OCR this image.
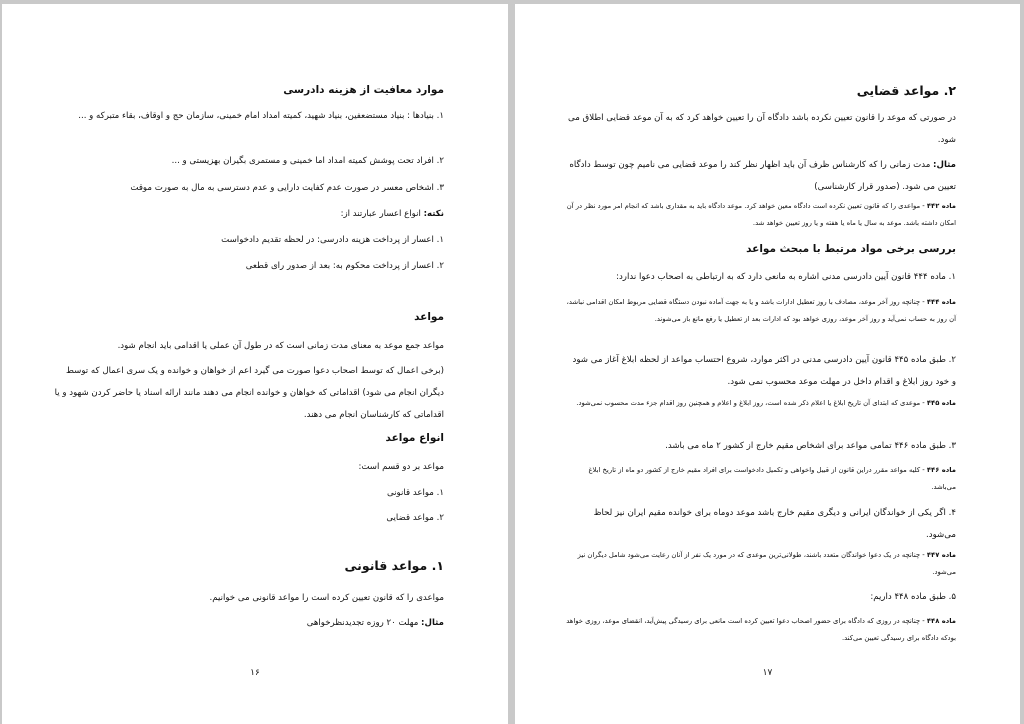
موارد معافیت از هزینه دادرسی
۱. بنیادها : بنیاد مستضعفین، بنیاد شهید، کمیته امداد امام خمینی، سازمان حج و اوقاف، بقاء متبرکه و ...
۲. افراد تحت پوشش کمیته امداد اما خمینی و مستمری بگیران بهزیستی و ...
۳. اشخاص معسر در صورت عدم کفایت دارایی و عدم دسترسی به مال به صورت موقت
نکته: انواع اعسار عبارتند از:
۱. اعسار از پرداخت هزینه دادرسی: در لحظه تقدیم دادخواست
۲. اعسار از پرداخت محکوم به: بعد از صدور رای قطعی
مواعد
مواعد جمع موعد به معنای مدت زمانی است که در طول آن عملی یا اقدامی باید انجام شود.
(برخی اعمال که توسط اصحاب دعوا صورت می گیرد اعم از خواهان و خوانده و یک سری اعمال که توسط دیگران انجام می شود) اقداماتی که خواهان و خوانده انجام می دهند مانند ارائه اسناد یا حاضر کردن شهود و یا اقداماتی که کارشناسان انجام می دهند.
انواع مواعد
مواعد بر دو قسم است:
۱. مواعد قانونی
۲. مواعد قضایی
۱. مواعد قانونی
مواعدی را که قانون تعیین کرده است را مواعد قانونی می خوانیم.
مثال: مهلت ۲۰ روزه تجدیدنظرخواهی
۱۶
۲. مواعد قضایی
در صورتی که موعد را قانون تعیین نکرده باشد دادگاه آن را تعیین خواهد کرد که به آن موعد قضایی اطلاق می شود.
مثال: مدت زمانی را که کارشناس ظرف آن باید اظهار نظر کند را موعد قضایی می نامیم چون توسط دادگاه تعیین می شود. (صدور قرار کارشناسی)
ماده ۴۴۲ - مواعدی را که قانون تعیین نکرده است دادگاه معین خواهد کرد. موعد دادگاه باید به مقداری باشد که انجام امر مورد نظر در آن امکان داشته باشد. موعد به سال یا ماه یا هفته و یا روز تعیین خواهد شد.
بررسی برخی مواد مرتبط با مبحث مواعد
۱. ماده ۴۴۴ قانون آیین دادرسی مدنی اشاره به مانعی دارد که به ارتباطی به اصحاب دعوا ندارد:
ماده ۴۴۴ - چنانچه روز آخر موعد، مصادف با روز تعطیل ادارات باشد و یا به جهت آماده نبودن دستگاه قضایی مربوط امکان اقدامی نباشد، آن روز به حساب نمی‌آید و روز آخر موعد، روزی خواهد بود که ادارات بعد از تعطیل یا رفع مانع باز می‌شوند.
۲. طبق ماده ۴۴۵ قانون آیین دادرسی مدنی در اکثر موارد، شروع احتساب مواعد از لحظه ابلاغ آغاز می شود و خود روز ابلاغ و اقدام داخل در مهلت موعد محسوب نمی شود.
ماده ۴۴۵ - موعدی که ابتدای آن تاریخ ابلاغ یا اعلام ذکر شده است، روز ابلاغ و اعلام و همچنین روز اقدام جزء مدت محسوب نمی‌شود.
۳. طبق ماده ۴۴۶ تمامی مواعد برای اشخاص مقیم خارج از کشور ۲ ماه می باشد.
ماده ۴۴۶ - کلیه مواعد مقرر دراین قانون از قبیل واخواهی و تکمیل دادخواست برای افراد مقیم خارج از کشور دو ماه از تاریخ ابلاغ می‌باشد.
۴. اگر یکی از خواندگان ایرانی و دیگری مقیم خارج باشد موعد دوماه برای خوانده مقیم ایران نیز لحاظ می‌شود.
ماده ۴۴۷ - چنانچه در یک دعوا خواندگان متعدد باشند، طولانی‌ترین موعدی که در مورد یک نفر از آنان رعایت می‌شود شامل دیگران نیز می‌شود.
۵. طبق ماده ۴۴۸ داریم:
ماده ۴۴۸ - چنانچه در روزی که دادگاه برای حضور اصحاب دعوا تعیین کرده است مانعی برای رسیدگی پیش‌آید، انقضای موعد، روزی خواهد بودکه دادگاه برای رسیدگی تعیین می‌کند.
۱۷
